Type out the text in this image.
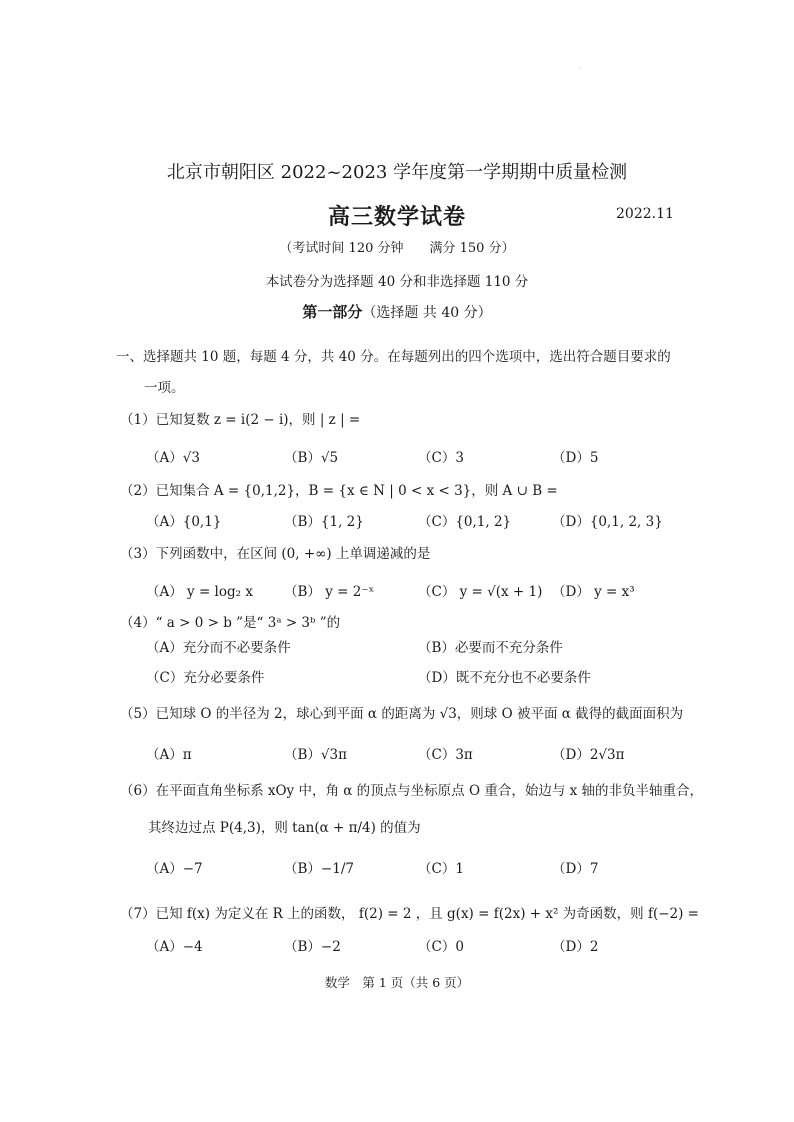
·
北京市朝阳区 2022~2023 学年度第一学期期中质量检测
高三数学试卷	2022.11
（考试时间 120 分钟　　满分 150 分）
本试卷分为选择题 40 分和非选择题 110 分
第一部分（选择题 共 40 分）
一、选择题共 10 题，每题 4 分，共 40 分。在每题列出的四个选项中，选出符合题目要求的
一项。
（1）已知复数 z = i(2 − i)，则 | z | =
（A）√3	（B）√5	（C）3	（D）5
（2）已知集合 A = {0,1,2}，B = {x ∈ N | 0 < x < 3}，则 A ∪ B =
（A）{0,1}	（B）{1, 2}	（C）{0,1, 2}	（D）{0,1, 2, 3}
（3）下列函数中，在区间 (0, +∞) 上单调递减的是
（A） y = log₂ x （B） y = 2⁻ˣ	（C） y = √(x + 1) （D） y = x³
（4）“ a > 0 > b ”是“ 3ᵃ > 3ᵇ ”的
（A）充分而不必要条件	（B）必要而不充分条件
（C）充分必要条件	（D）既不充分也不必要条件
（5）已知球 O 的半径为 2，球心到平面 α 的距离为 √3，则球 O 被平面 α 截得的截面面积为
（A）π	（B）√3π	（C）3π	（D）2√3π
（6）在平面直角坐标系 xOy 中，角 α 的顶点与坐标原点 O 重合，始边与 x 轴的非负半轴重合，
其终边过点 P(4,3)，则 tan(α + π/4) 的值为
（A）−7	（B）−1/7	（C）1	（D）7
（7）已知 f(x) 为定义在 R 上的函数， f(2) = 2 ，且 g(x) = f(2x) + x² 为奇函数，则 f(−2) =
（A）−4	（B）−2	（C）0	（D）2
数学　第 1 页（共 6 页）
